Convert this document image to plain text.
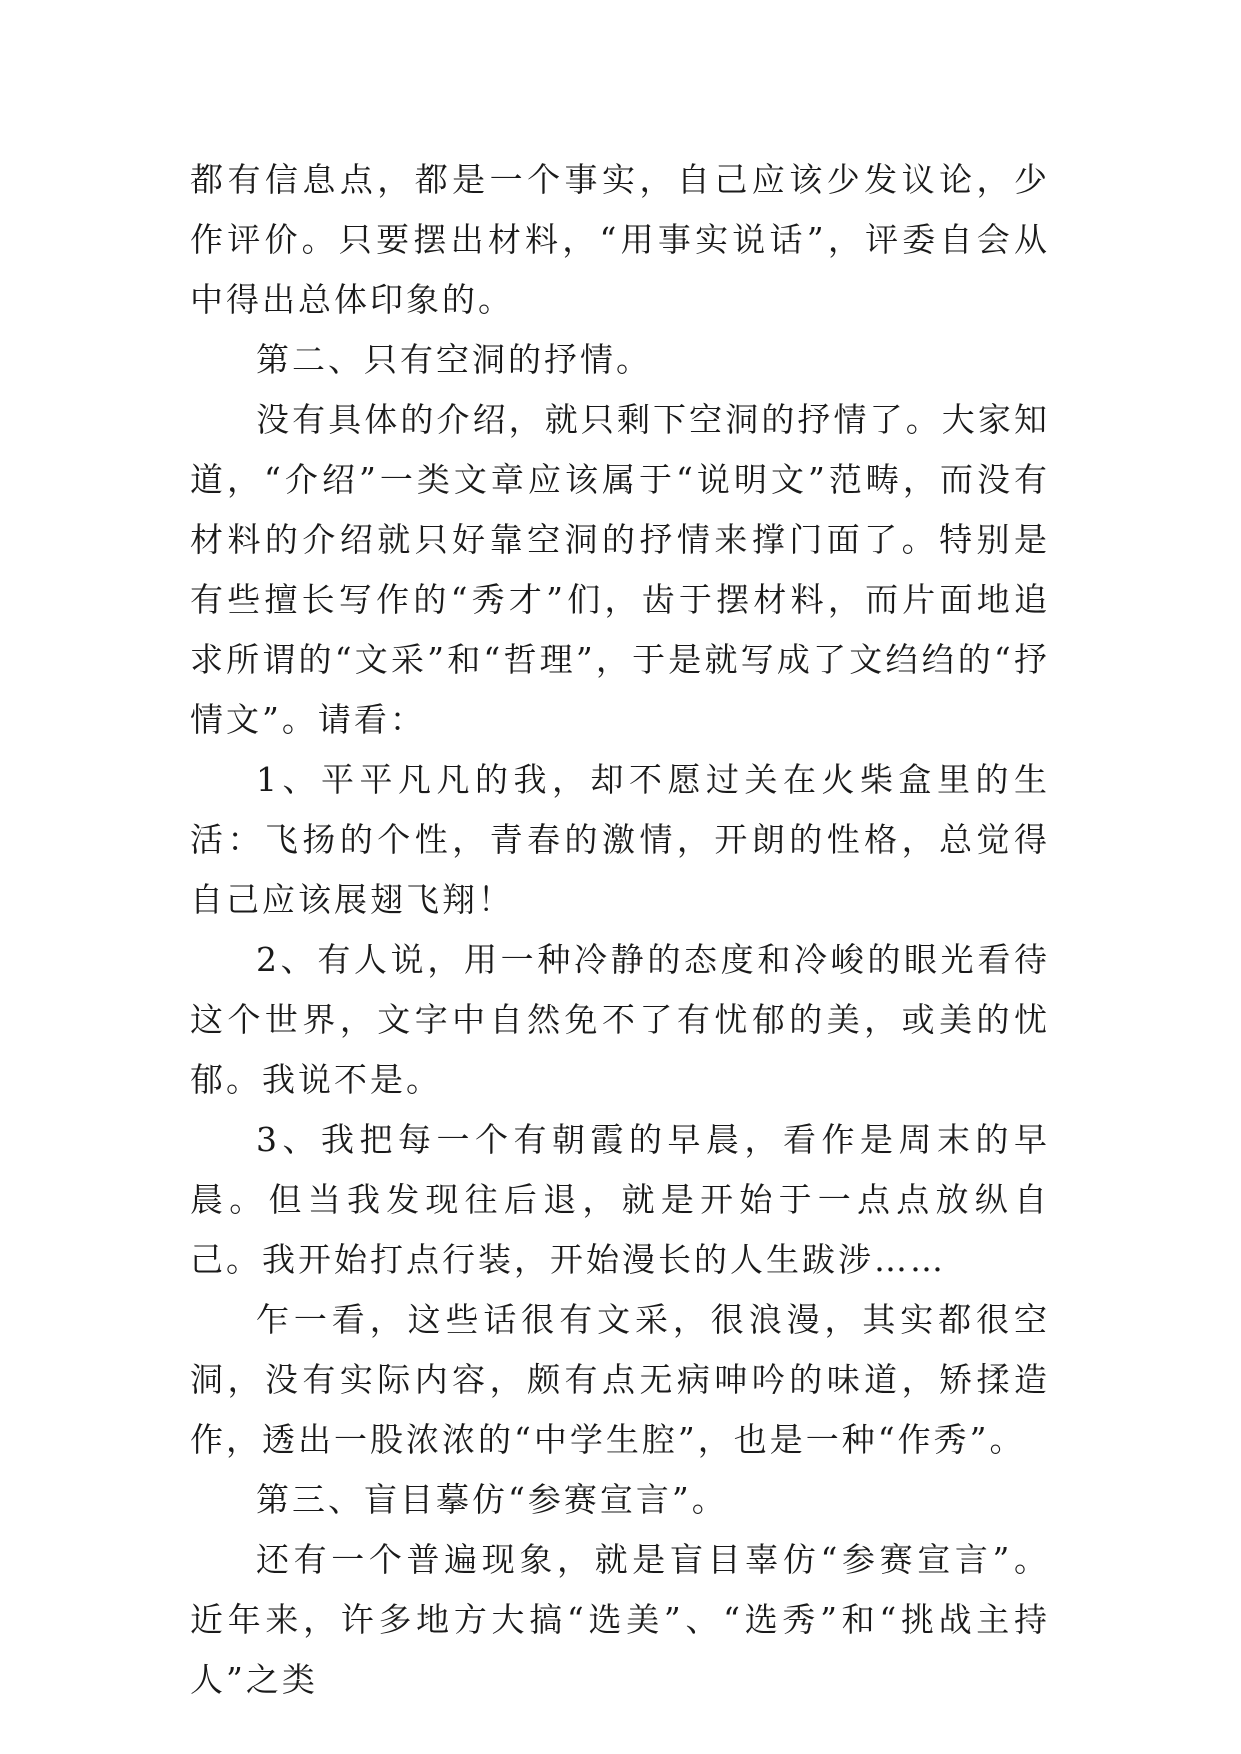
都有信息点，都是一个事实，自己应该少发议论，少作评价。只要摆出材料，“用事实说话”，评委自会从中得出总体印象的。

第二、只有空洞的抒情。

没有具体的介绍，就只剩下空洞的抒情了。大家知道，“介绍”一类文章应该属于“说明文”范畴，而没有材料的介绍就只好靠空洞的抒情来撑门面了。特别是有些擅长写作的“秀才”们，齿于摆材料，而片面地追求所谓的“文采”和“哲理”，于是就写成了文绉绉的“抒情文”。请看：

1、平平凡凡的我，却不愿过关在火柴盒里的生活：飞扬的个性，青春的激情，开朗的性格，总觉得自己应该展翅飞翔！

2、有人说，用一种冷静的态度和冷峻的眼光看待这个世界，文字中自然免不了有忧郁的美，或美的忧郁。我说不是。

3、我把每一个有朝霞的早晨，看作是周末的早晨。但当我发现往后退，就是开始于一点点放纵自己。我开始打点行装，开始漫长的人生跋涉……

乍一看，这些话很有文采，很浪漫，其实都很空洞，没有实际内容，颇有点无病呻吟的味道，矫揉造作，透出一股浓浓的“中学生腔”，也是一种“作秀”。

第三、盲目摹仿“参赛宣言”。

还有一个普遍现象，就是盲目辜仿“参赛宣言”。近年来，许多地方大搞“选美”、“选秀”和“挑战主持人”之类
